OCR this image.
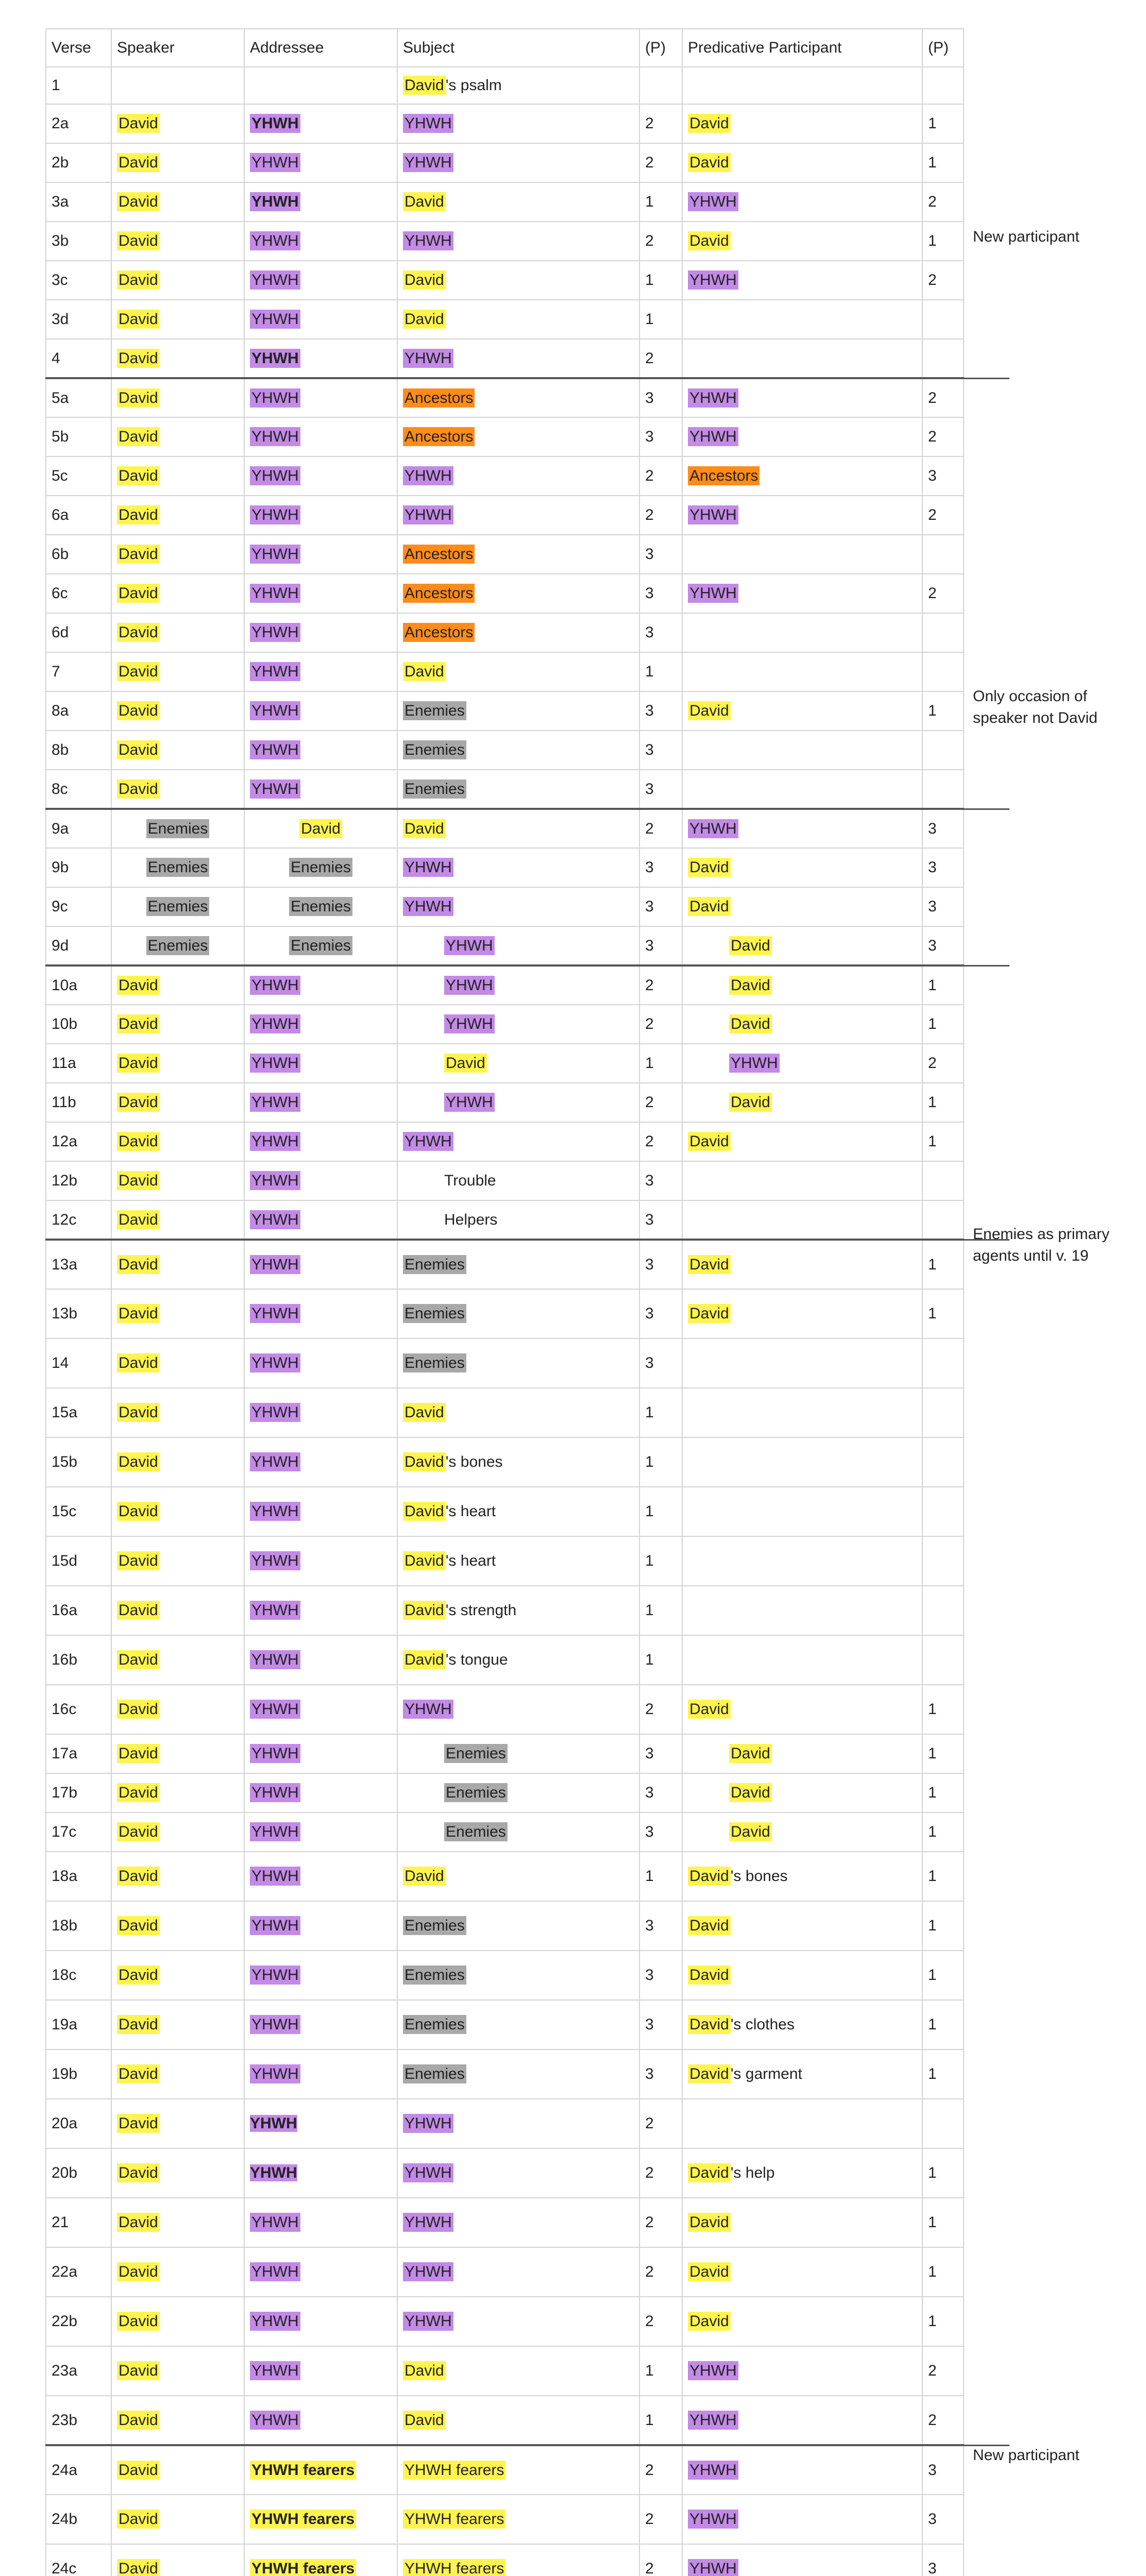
Verse	Speaker	Addressee	Subject	(P)	Predicative Participant	(P)
1			David 's psalm			
2a	David	YHWH	YHWH	2	David	1
2b	David	YHWH	YHWH	2	David	1
3a	David	YHWH	David	1	YHWH	2
3b	David	YHWH	YHWH	2	David	1
3c	David	YHWH	David	1	YHWH	2
3d	David	YHWH	David	1		
4	David	YHWH	YHWH	2		
5a	David	YHWH	Ancestors	3	YHWH	2
5b	David	YHWH	Ancestors	3	YHWH	2
5c	David	YHWH	YHWH	2	Ancestors	3
6a	David	YHWH	YHWH	2	YHWH	2
6b	David	YHWH	Ancestors	3		
6c	David	YHWH	Ancestors	3	YHWH	2
6d	David	YHWH	Ancestors	3		
7	David	YHWH	David	1		
8a	David	YHWH	Enemies	3	David	1
8b	David	YHWH	Enemies	3		
8c	David	YHWH	Enemies	3		
9a	Enemies	David	David	2	YHWH	3
9b	Enemies	Enemies	YHWH	3	David	3
9c	Enemies	Enemies	YHWH	3	David	3
9d	Enemies	Enemies	YHWH	3	David	3
10a	David	YHWH	YHWH	2	David	1
10b	David	YHWH	YHWH	2	David	1
11a	David	YHWH	David	1	YHWH	2
11b	David	YHWH	YHWH	2	David	1
12a	David	YHWH	YHWH	2	David	1
12b	David	YHWH	Trouble	3		
12c	David	YHWH	Helpers	3		
13a	David	YHWH	Enemies	3	David	1
13b	David	YHWH	Enemies	3	David	1
14	David	YHWH	Enemies	3		
15a	David	YHWH	David	1		
15b	David	YHWH	David 's bones	1		
15c	David	YHWH	David 's heart	1		
15d	David	YHWH	David 's heart	1		
16a	David	YHWH	David 's strength	1		
16b	David	YHWH	David 's tongue	1		
16c	David	YHWH	YHWH	2	David	1
17a	David	YHWH	Enemies	3	David	1
17b	David	YHWH	Enemies	3	David	1
17c	David	YHWH	Enemies	3	David	1
18a	David	YHWH	David	1	David 's bones	1
18b	David	YHWH	Enemies	3	David	1
18c	David	YHWH	Enemies	3	David	1
19a	David	YHWH	Enemies	3	David 's clothes	1
19b	David	YHWH	Enemies	3	David 's garment	1
20a	David	YHWH	YHWH	2		
20b	David	YHWH	YHWH	2	David 's help	1
21	David	YHWH	YHWH	2	David	1
22a	David	YHWH	YHWH	2	David	1
22b	David	YHWH	YHWH	2	David	1
23a	David	YHWH	David	1	YHWH	2
23b	David	YHWH	David	1	YHWH	2
24a	David	YHWH fearers	YHWH fearers	2	YHWH	3
24b	David	YHWH fearers	YHWH fearers	2	YHWH	3
24c	David	YHWH fearers	YHWH fearers	2	YHWH	3

New participant
Only occasion of speaker not David
Enemies as primary agents until v. 19
New participant
